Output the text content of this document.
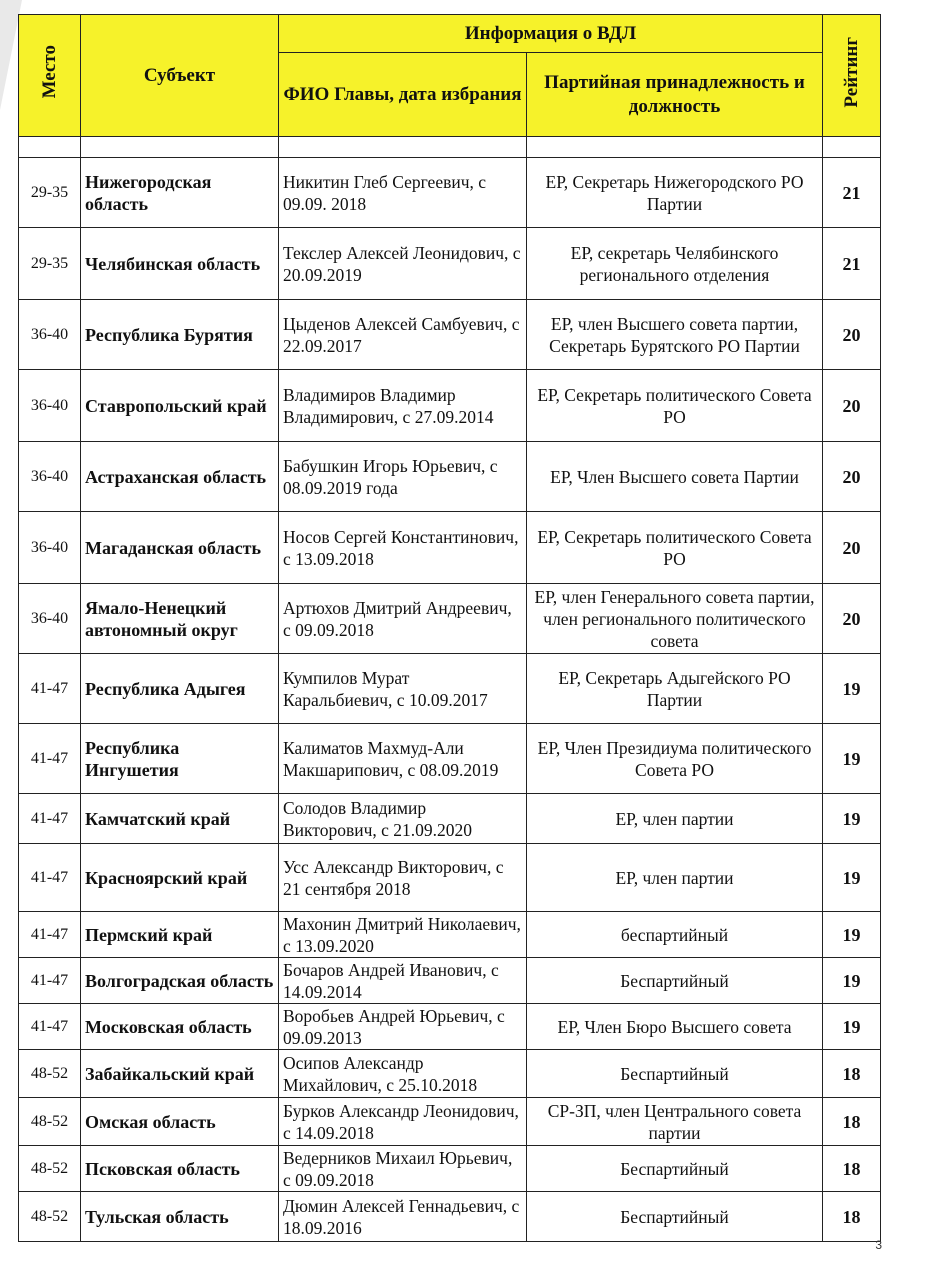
Место	Субъект	Информация о ВДЛ		Рейтинг
		ФИО Главы, дата избрания	Партийная принадлежность и должность	

29-35	Нижегородская область	Никитин Глеб Сергеевич, с 09.09. 2018	ЕР, Секретарь Нижегородского РО Партии	21
29-35	Челябинская область	Текслер Алексей Леонидович, с 20.09.2019	ЕР, секретарь Челябинского регионального отделения	21
36-40	Республика Бурятия	Цыденов Алексей Самбуевич, с 22.09.2017	ЕР, член Высшего совета партии, Секретарь Бурятского РО Партии	20
36-40	Ставропольский край	Владимиров Владимир Владимирович, с 27.09.2014	ЕР, Секретарь политического Совета РО	20
36-40	Астраханская область	Бабушкин Игорь Юрьевич, с 08.09.2019 года	ЕР, Член Высшего совета Партии	20
36-40	Магаданская область	Носов Сергей Константинович, с 13.09.2018	ЕР, Секретарь политического Совета РО	20
36-40	Ямало-Ненецкий автономный округ	Артюхов Дмитрий Андреевич, с 09.09.2018	ЕР, член Генерального совета партии, член регионального политического совета	20
41-47	Республика Адыгея	Кумпилов Мурат Каральбиевич, с 10.09.2017	ЕР, Секретарь Адыгейского РО Партии	19
41-47	Республика Ингушетия	Калиматов Махмуд-Али Макшарипович, с 08.09.2019	ЕР, Член Президиума политического Совета РО	19
41-47	Камчатский край	Солодов Владимир Викторович, с 21.09.2020	ЕР, член партии	19
41-47	Красноярский край	Усс Александр Викторович, с 21 сентября 2018	ЕР, член партии	19
41-47	Пермский край	Махонин Дмитрий Николаевич, с 13.09.2020	беспартийный	19
41-47	Волгоградская область	Бочаров Андрей Иванович, с 14.09.2014	Беспартийный	19
41-47	Московская область	Воробьев Андрей Юрьевич, с 09.09.2013	ЕР, Член Бюро Высшего совета	19
48-52	Забайкальский край	Осипов Александр Михайлович, с 25.10.2018	Беспартийный	18
48-52	Омская область	Бурков Александр Леонидович, с 14.09.2018	СР-ЗП, член Центрального совета партии	18
48-52	Псковская область	Ведерников Михаил Юрьевич, с 09.09.2018	Беспартийный	18
48-52	Тульская область	Дюмин Алексей Геннадьевич, с 18.09.2016	Беспартийный	18
3
